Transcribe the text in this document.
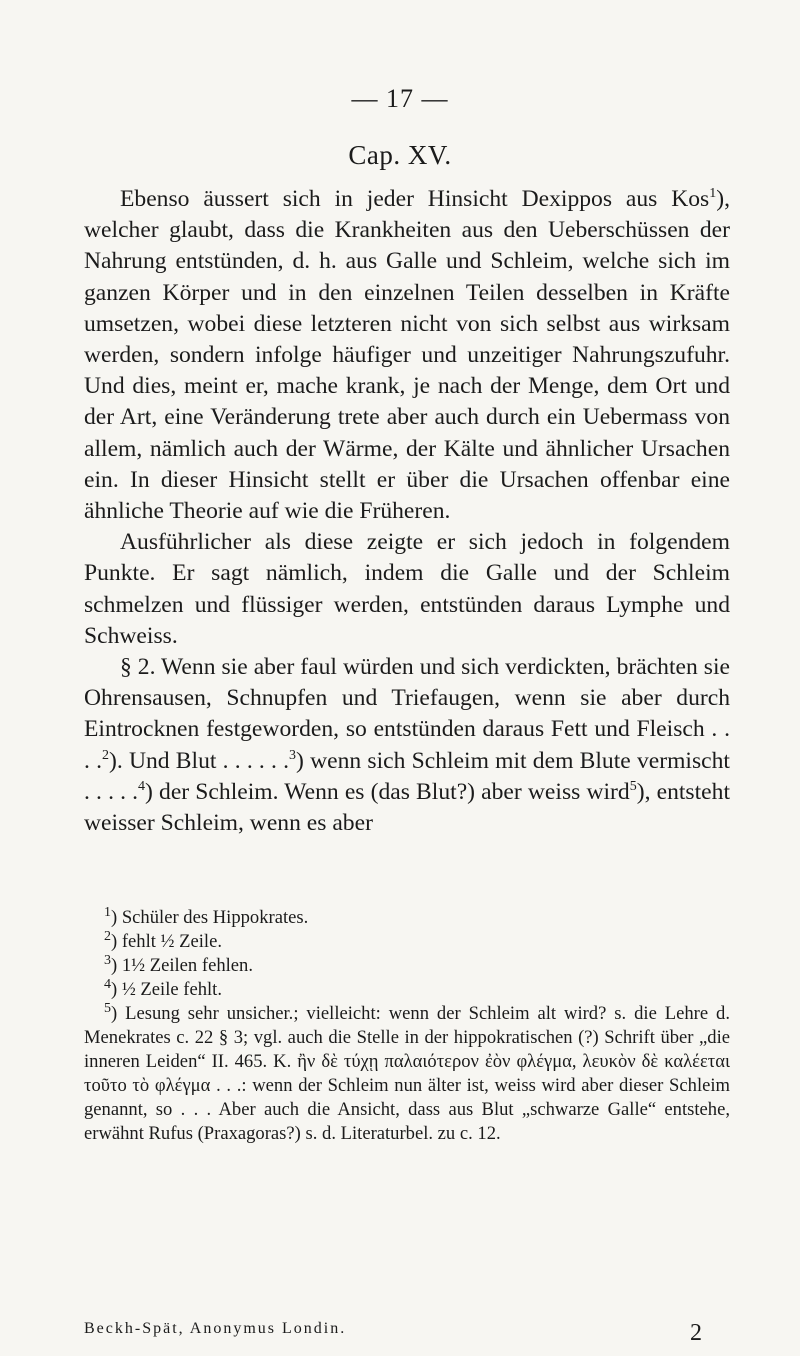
— 17 —
Cap. XV.

Ebenso äussert sich in jeder Hinsicht Dexippos aus Kos$^1$), welcher glaubt, dass die Krankheiten aus den Ueberschüssen der Nahrung entstünden, d. h. aus Galle und Schleim, welche sich im ganzen Körper und in den einzelnen Teilen desselben in Kräfte umsetzen, wobei diese letzteren nicht von sich selbst aus wirksam werden, sondern infolge häufiger und unzeitiger Nahrungszufuhr. Und dies, meint er, mache krank, je nach der Menge, dem Ort und der Art, eine Veränderung trete aber auch durch ein Uebermass von allem, nämlich auch der Wärme, der Kälte und ähnlicher Ursachen ein. In dieser Hinsicht stellt er über die Ursachen offenbar eine ähnliche Theorie auf wie die Früheren.

Ausführlicher als diese zeigte er sich jedoch in folgendem Punkte. Er sagt nämlich, indem die Galle und der Schleim schmelzen und flüssiger werden, entstünden daraus Lymphe und Schweiss.

§ 2. Wenn sie aber faul würden und sich verdickten, brächten sie Ohrensausen, Schnupfen und Triefaugen, wenn sie aber durch Eintrocknen festgeworden, so entstünden daraus Fett und Fleisch . . . .$^2$). Und Blut . . . . . .$^3$) wenn sich Schleim mit dem Blute vermischt . . . . .$^4$) der Schleim. Wenn es (das Blut?) aber weiss wird$^5$), entsteht weisser Schleim, wenn es aber

$^1$) Schüler des Hippokrates.

$^2$) fehlt ½ Zeile.

$^3$) 1½ Zeilen fehlen.

$^4$) ½ Zeile fehlt.

$^5$) Lesung sehr unsicher.; vielleicht: wenn der Schleim alt wird? s. die Lehre d. Menekrates c. 22 § 3; vgl. auch die Stelle in der hippokratischen (?) Schrift über „die inneren Leiden“ II. 465. K. ἢν δὲ τύχῃ παλαιότερον ἐὸν φλέγμα, λευκὸν δὲ καλέεται τοῦτο τὸ φλέγμα . . .: wenn der Schleim nun älter ist, weiss wird aber dieser Schleim genannt, so . . . Aber auch die Ansicht, dass aus Blut „schwarze Galle“ entstehe, erwähnt Rufus (Praxagoras?) s. d. Literaturbel. zu c. 12.

Beckh-Spät, Anonymus Londin.	2
